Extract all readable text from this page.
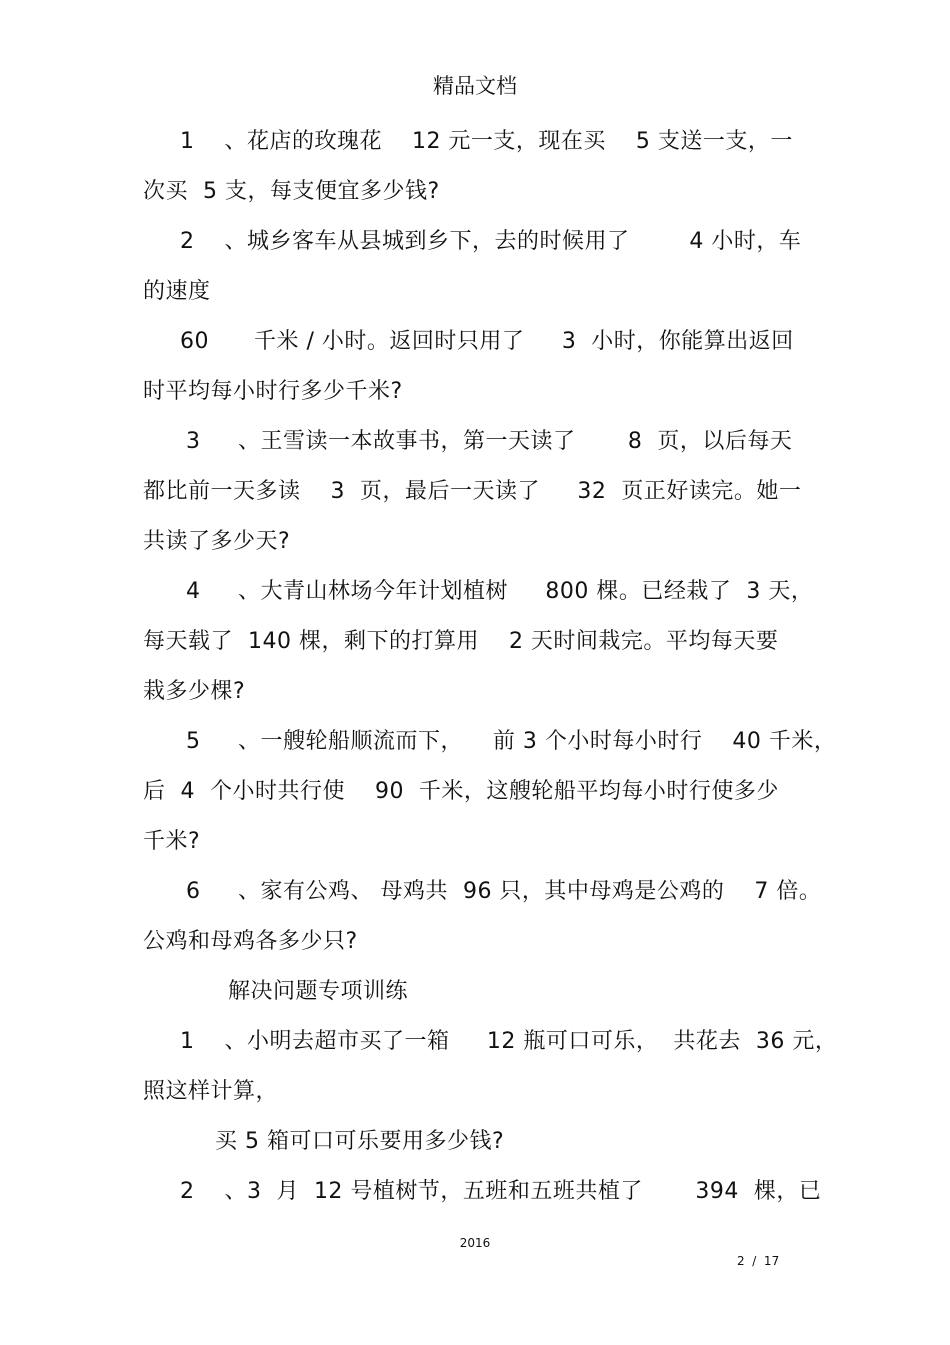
精品文档
1    、花店的玫瑰花    12 元一支，现在买    5 支送一支，一
次买  5 支，每支便宜多少钱?
2    、城乡客车从县城到乡下，去的时候用了        4 小时，车
的速度
60      千米 / 小时。返回时只用了     3  小时，你能算出返回
时平均每小时行多少千米?
3     、王雪读一本故事书，第一天读了       8  页，以后每天
都比前一天多读    3  页，最后一天读了     32  页正好读完。她一
共读了多少天?
4     、大青山林场今年计划植树     800 棵。已经栽了  3 天，
每天载了  140 棵，剩下的打算用    2 天时间栽完。平均每天要
栽多少棵?
5     、一艘轮船顺流而下，    前 3 个小时每小时行    40 千米，
后  4  个小时共行使    90  千米，这艘轮船平均每小时行使多少
千米?
6     、家有公鸡、 母鸡共  96 只，其中母鸡是公鸡的    7 倍。
公鸡和母鸡各多少只?
解决问题专项训练
1    、小明去超市买了一箱     12 瓶可口可乐，  共花去  36 元，
照这样计算，
买 5 箱可口可乐要用多少钱?
2    、3  月  12 号植树节，五班和五班共植了       394  棵，已
2016
2  /  17
